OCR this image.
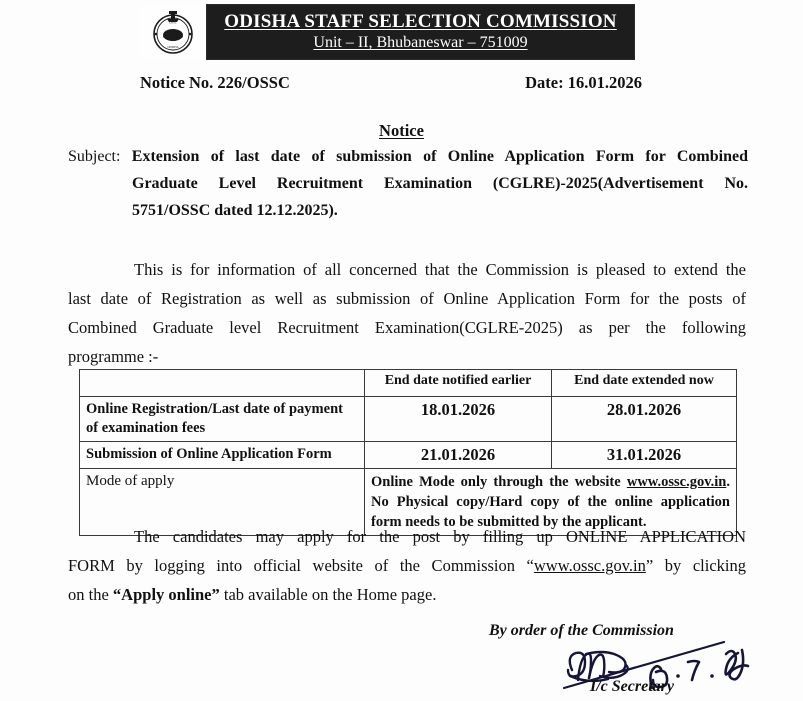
OSSC
ODISHA
ODISHA STAFF SELECTION COMMISSION
Unit – II, Bhubaneswar – 751009
Notice No. 226/OSSC	Date: 16.01.2026
Notice
Subject: Extension of last date of submission of Online Application Form for Combined
Graduate Level Recruitment Examination (CGLRE)-2025(Advertisement No.
5751/OSSC dated 12.12.2025).
This is for information of all concerned that the Commission is pleased to extend the
last date of Registration as well as submission of Online Application Form for the posts of
Combined Graduate level Recruitment Examination(CGLRE-2025) as per the following
programme :-
	End date notified earlier	End date extended now
Online Registration/Last date of payment of examination fees	18.01.2026	28.01.2026
Submission of Online Application Form	21.01.2026	31.01.2026
Mode of apply	Online Mode only through the website www.ossc.gov.in.
No Physical copy/Hard copy of the online application
form needs to be submitted by the applicant.	
The candidates may apply for the post by filling up ONLINE APPLICATION
FORM by logging into official website of the Commission “www.ossc.gov.in” by clicking
on the “Apply online” tab available on the Home page.
By order of the Commission
I/c Secretary
